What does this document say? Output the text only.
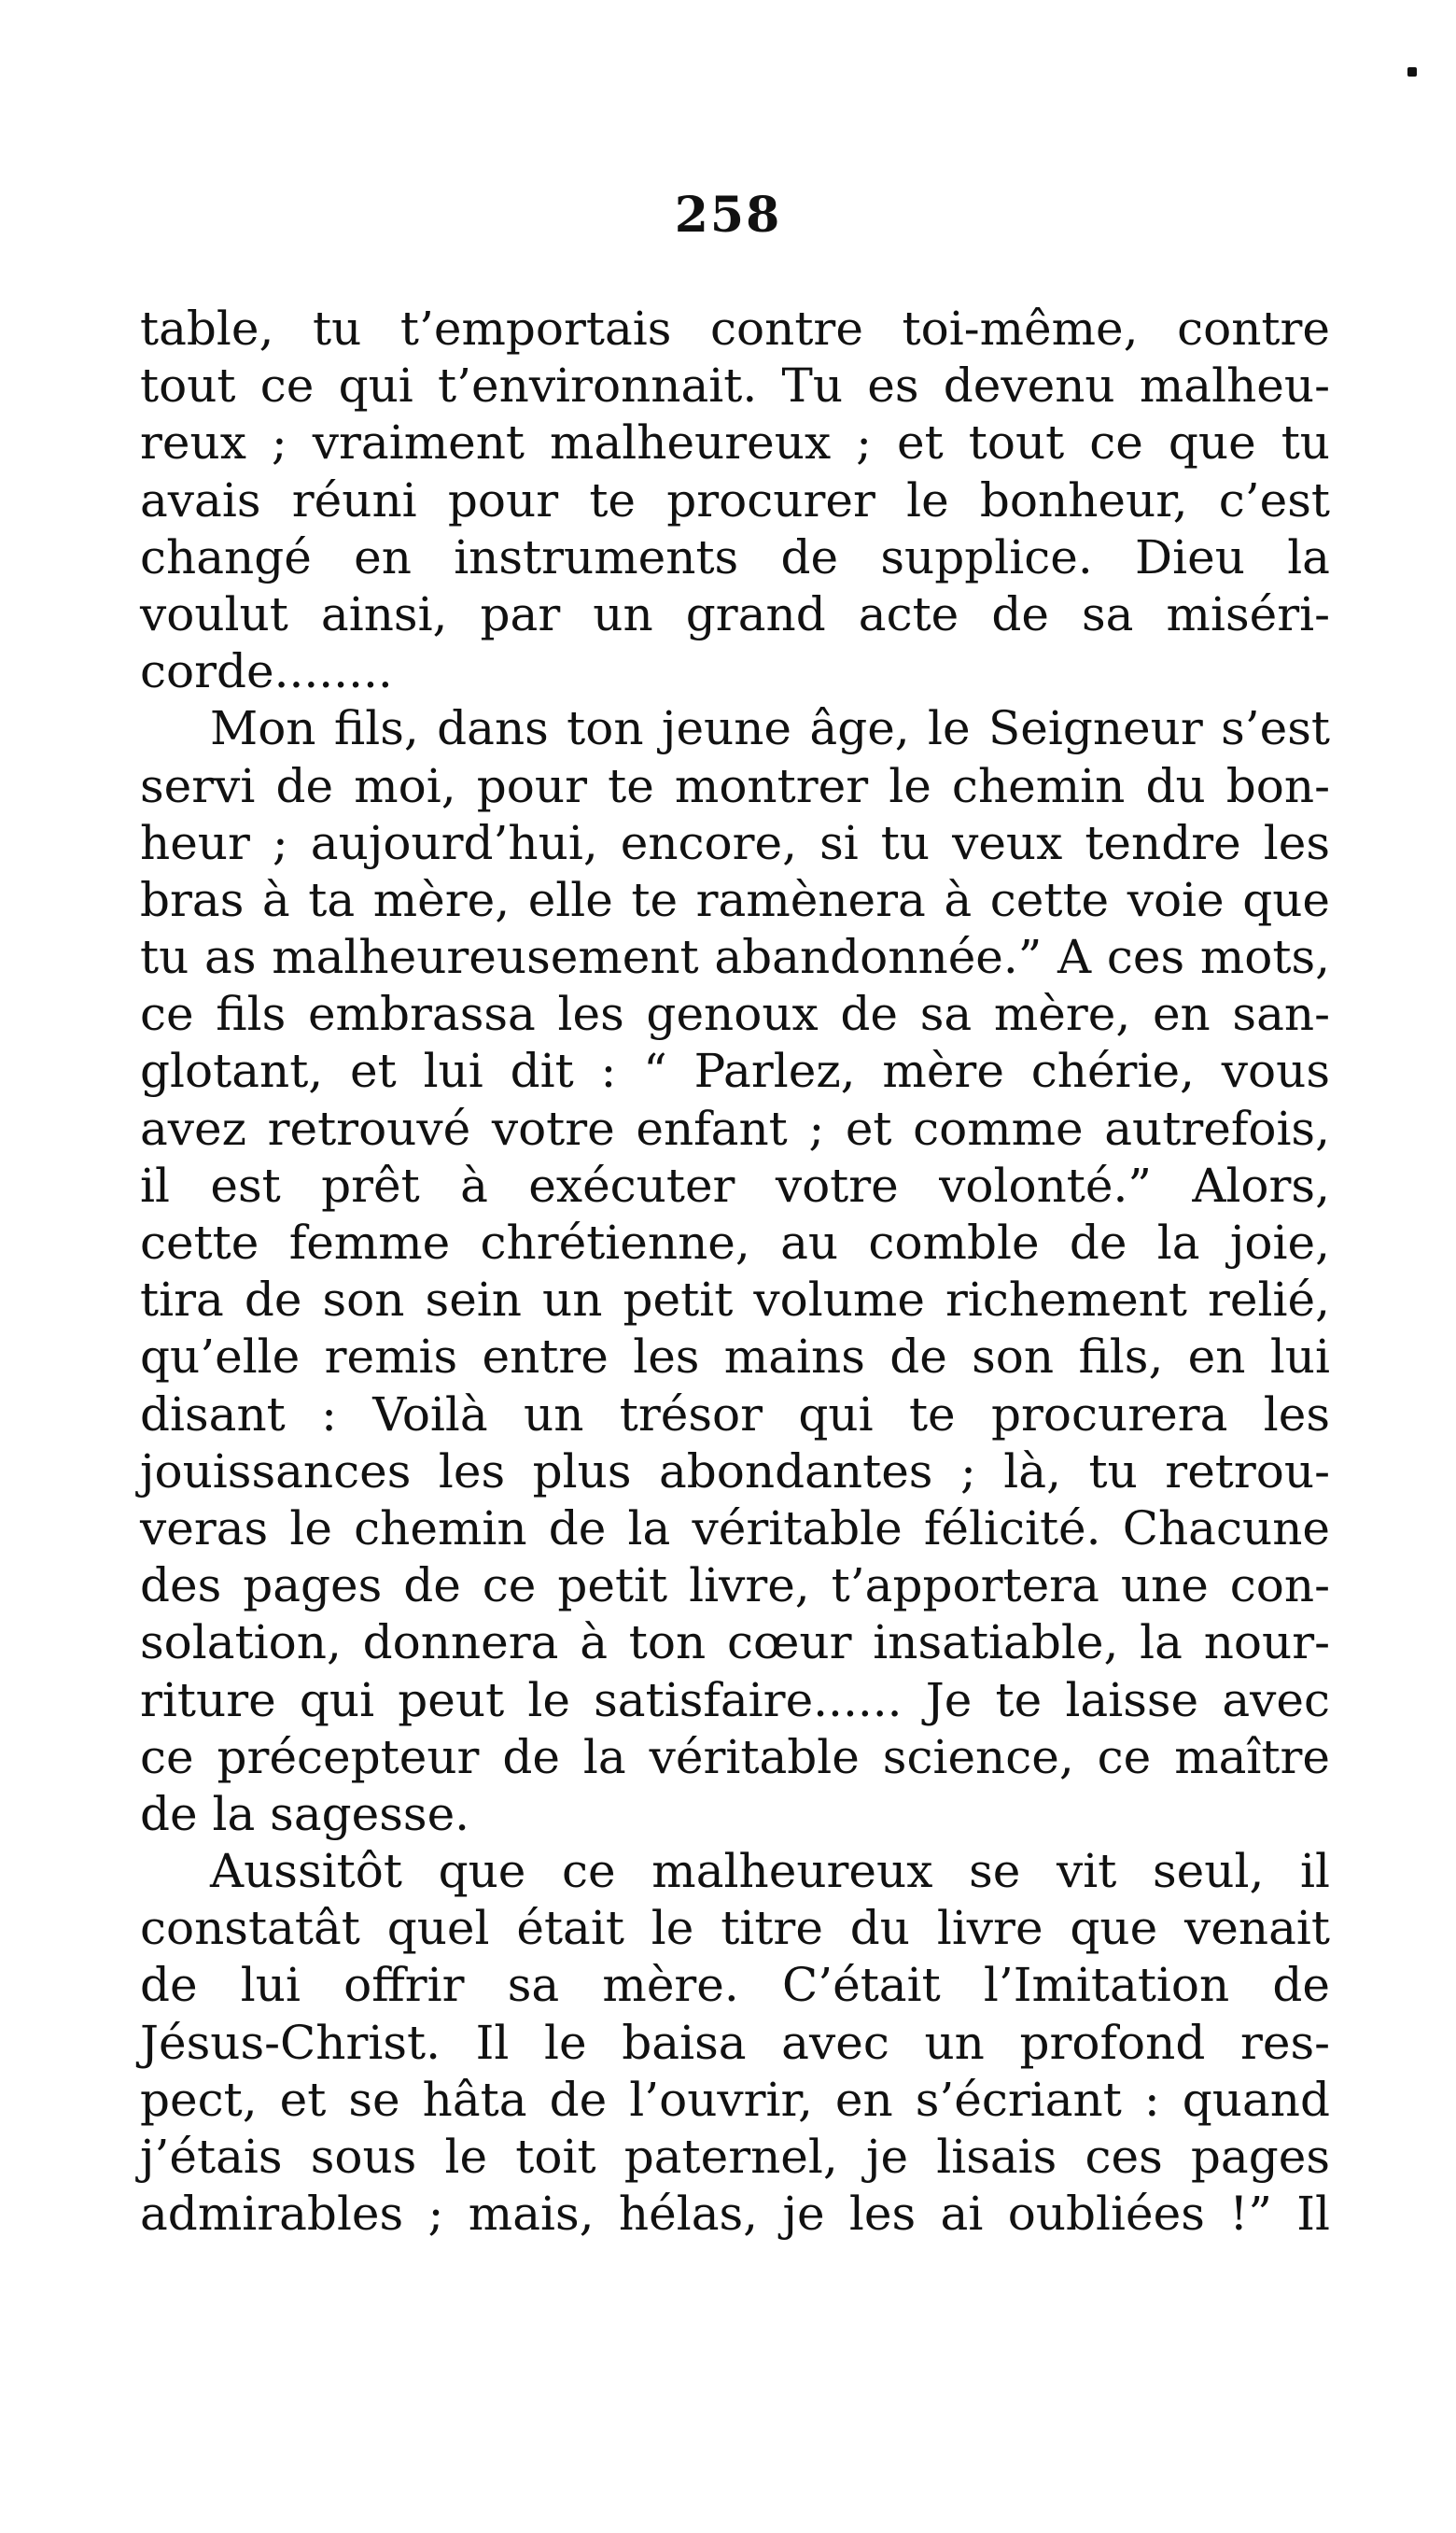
258
table, tu t’emportais contre toi-même, contre
tout ce qui t’environnait. Tu es devenu malheu-
reux ; vraiment malheureux ; et tout ce que tu
avais réuni pour te procurer le bonheur, c’est
changé en instruments de supplice. Dieu la
voulut ainsi, par un grand acte de sa miséri-
corde........
Mon fils, dans ton jeune âge, le Seigneur s’est
servi de moi, pour te montrer le chemin du bon-
heur ; aujourd’hui, encore, si tu veux tendre les
bras à ta mère, elle te ramènera à cette voie que
tu as malheureusement abandonnée.” A ces mots,
ce fils embrassa les genoux de sa mère, en san-
glotant, et lui dit : “ Parlez, mère chérie, vous
avez retrouvé votre enfant ; et comme autrefois,
il est prêt à exécuter votre volonté.” Alors,
cette femme chrétienne, au comble de la joie,
tira de son sein un petit volume richement relié,
qu’elle remis entre les mains de son fils, en lui
disant : Voilà un trésor qui te procurera les
jouissances les plus abondantes ; là, tu retrou-
veras le chemin de la véritable félicité. Chacune
des pages de ce petit livre, t’apportera une con-
solation, donnera à ton cœur insatiable, la nour-
riture qui peut le satisfaire...... Je te laisse avec
ce précepteur de la véritable science, ce maître
de la sagesse.
Aussitôt que ce malheureux se vit seul, il
constatât quel était le titre du livre que venait
de lui offrir sa mère. C’était l’Imitation de
Jésus-Christ. Il le baisa avec un profond res-
pect, et se hâta de l’ouvrir, en s’écriant : quand
j’étais sous le toit paternel, je lisais ces pages
admirables ; mais, hélas, je les ai oubliées !” Il
